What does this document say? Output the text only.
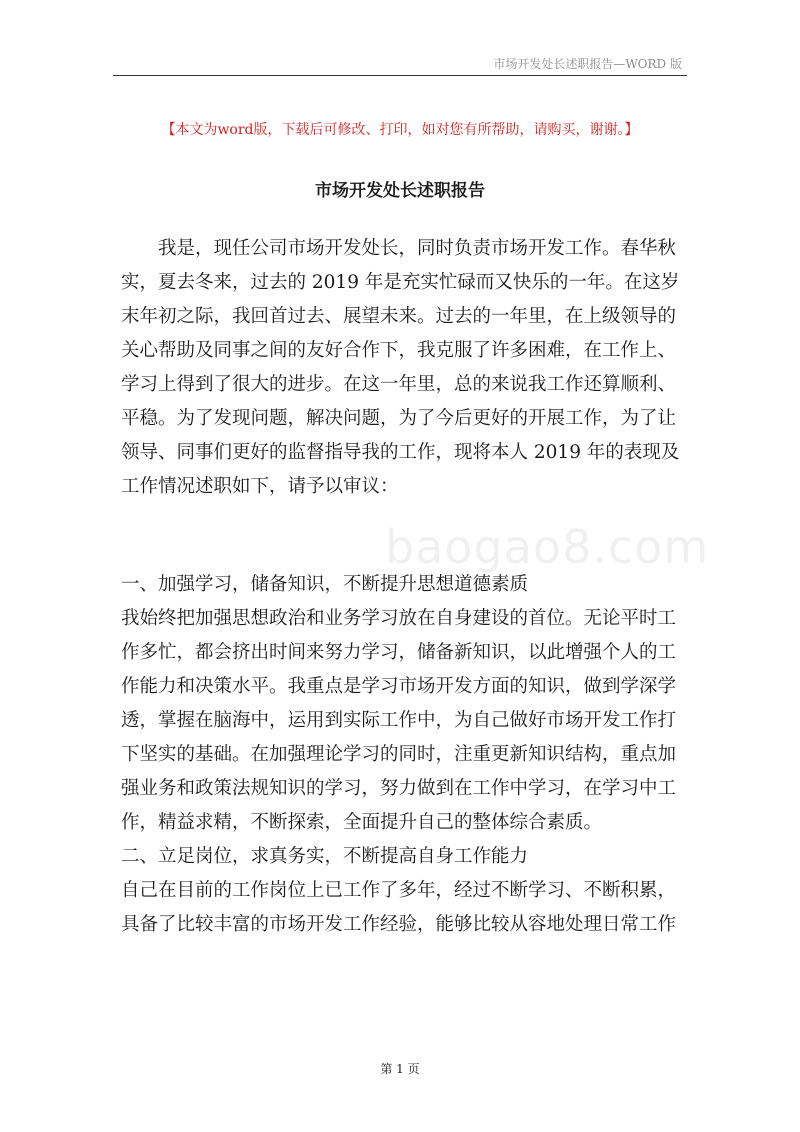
市场开发处长述职报告—WORD 版
【本文为word版，下载后可修改、打印，如对您有所帮助，请购买，谢谢。】
市场开发处长述职报告
baogao8.com
　　我是，现任公司市场开发处长，同时负责市场开发工作。春华秋
实，夏去冬来，过去的 2019 年是充实忙碌而又快乐的一年。在这岁
末年初之际，我回首过去、展望未来。过去的一年里，在上级领导的
关心帮助及同事之间的友好合作下，我克服了许多困难，在工作上、
学习上得到了很大的进步。在这一年里，总的来说我工作还算顺利、
平稳。为了发现问题，解决问题，为了今后更好的开展工作，为了让
领导、同事们更好的监督指导我的工作，现将本人 2019 年的表现及
工作情况述职如下，请予以审议：
一、加强学习，储备知识，不断提升思想道德素质
我始终把加强思想政治和业务学习放在自身建设的首位。无论平时工
作多忙，都会挤出时间来努力学习，储备新知识，以此增强个人的工
作能力和决策水平。我重点是学习市场开发方面的知识，做到学深学
透，掌握在脑海中，运用到实际工作中，为自己做好市场开发工作打
下坚实的基础。在加强理论学习的同时，注重更新知识结构，重点加
强业务和政策法规知识的学习，努力做到在工作中学习，在学习中工
作，精益求精，不断探索，全面提升自己的整体综合素质。
二、立足岗位，求真务实，不断提高自身工作能力
自己在目前的工作岗位上已工作了多年，经过不断学习、不断积累，
具备了比较丰富的市场开发工作经验，能够比较从容地处理日常工作
第 1 页
